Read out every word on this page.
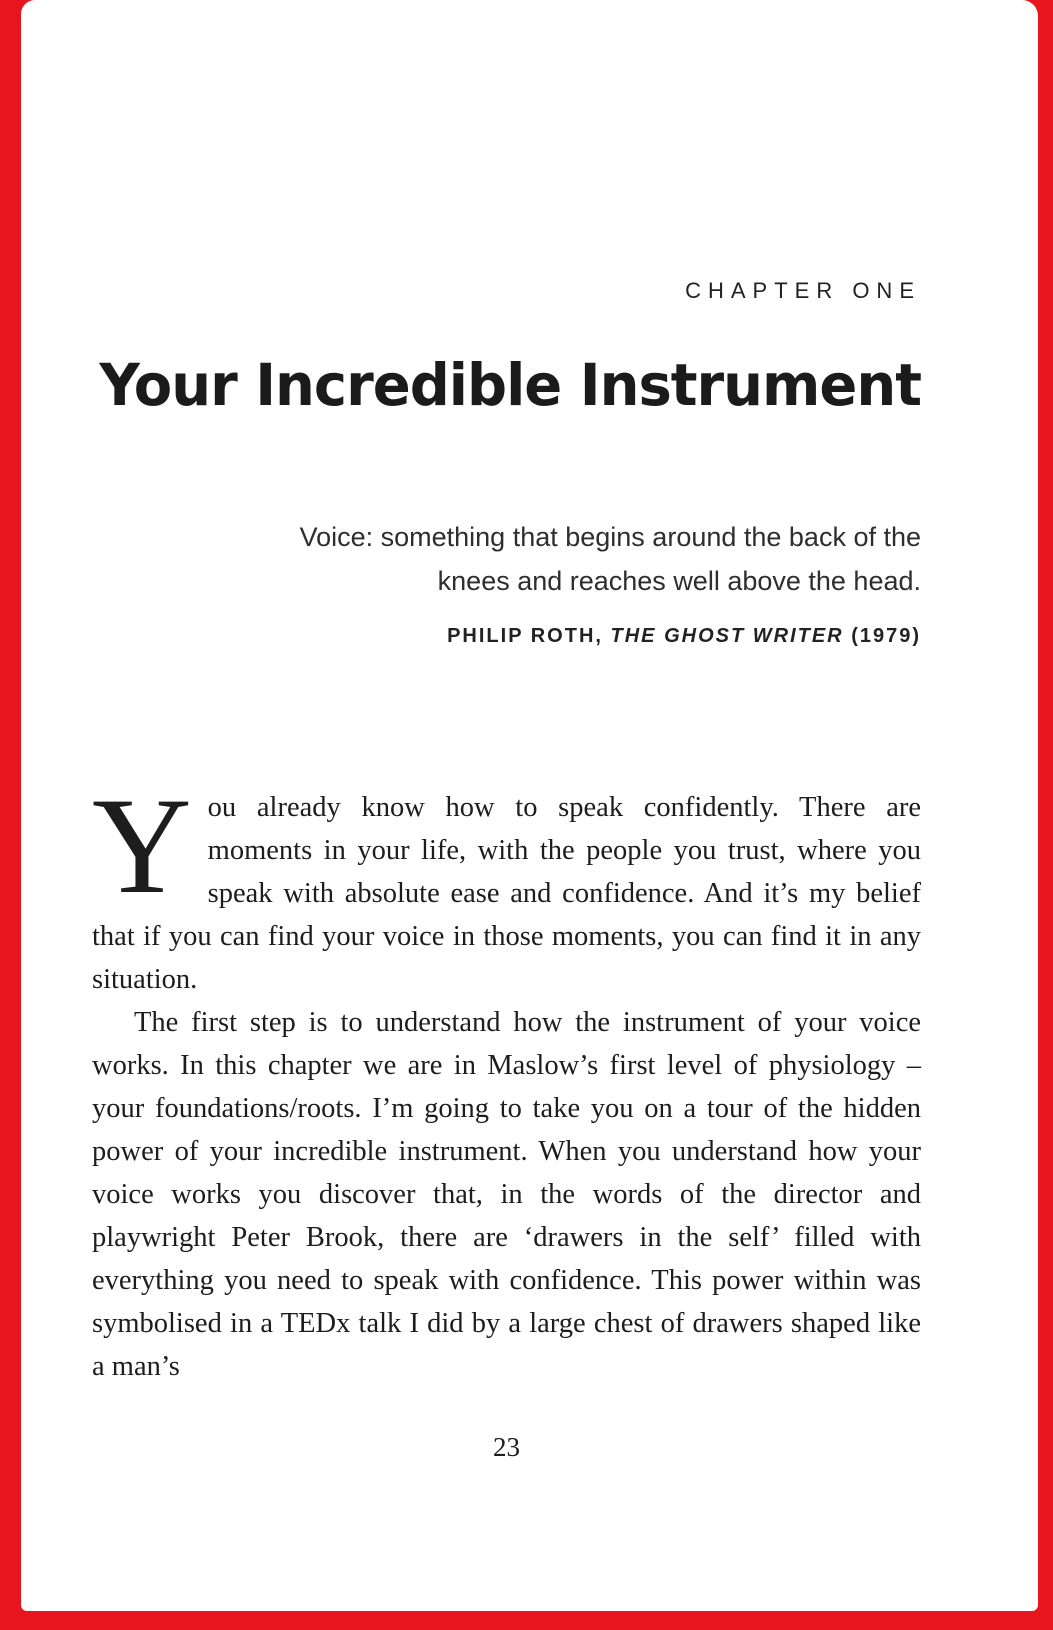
CHAPTER ONE
Your Incredible Instrument
Voice: something that begins around the back of the
knees and reaches well above the head.
PHILIP ROTH, THE GHOST WRITER (1979)

You already know how to speak confidently. There are moments in your life, with the people you trust, where you speak with absolute ease and confidence. And it’s my belief that if you can find your voice in those moments, you can find it in any situation.

The first step is to understand how the instrument of your voice works. In this chapter we are in Maslow’s first level of physiology – your foundations/roots. I’m going to take you on a tour of the hidden power of your incredible instrument. When you understand how your voice works you discover that, in the words of the director and playwright Peter Brook, there are ‘drawers in the self’ filled with everything you need to speak with confidence. This power within was symbolised in a TEDx talk I did by a large chest of drawers shaped like a man’s

23
